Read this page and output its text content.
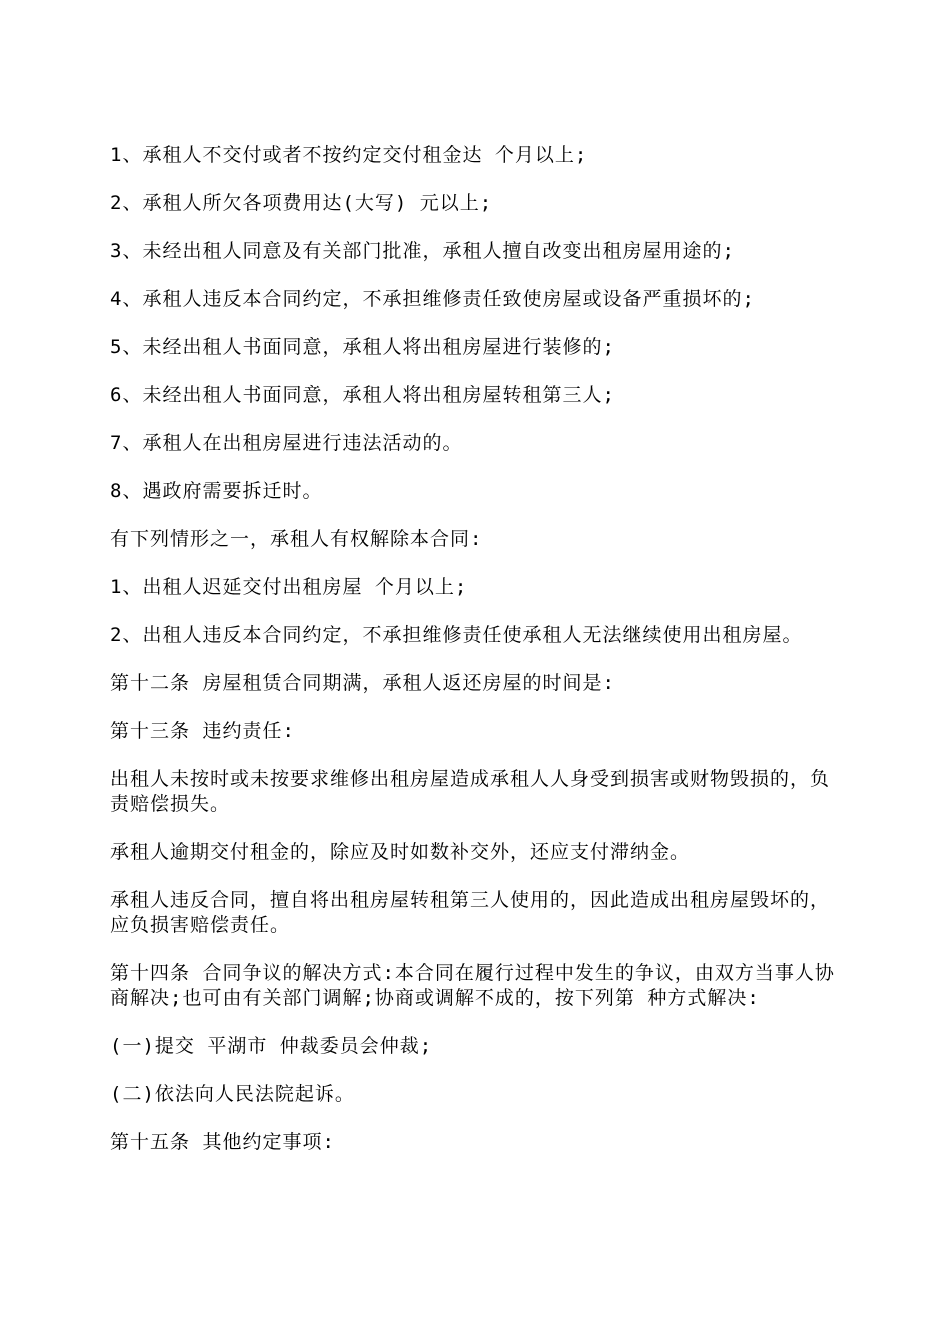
1、承租人不交付或者不按约定交付租金达 个月以上;

2、承租人所欠各项费用达(大写) 元以上;

3、未经出租人同意及有关部门批准，承租人擅自改变出租房屋用途的;

4、承租人违反本合同约定，不承担维修责任致使房屋或设备严重损坏的;

5、未经出租人书面同意，承租人将出租房屋进行装修的;

6、未经出租人书面同意，承租人将出租房屋转租第三人;

7、承租人在出租房屋进行违法活动的。

8、遇政府需要拆迁时。

有下列情形之一，承租人有权解除本合同:

1、出租人迟延交付出租房屋 个月以上;

2、出租人违反本合同约定，不承担维修责任使承租人无法继续使用出租房屋。

第十二条 房屋租赁合同期满，承租人返还房屋的时间是:

第十三条 违约责任:

出租人未按时或未按要求维修出租房屋造成承租人人身受到损害或财物毁损的，负责赔偿损失。

承租人逾期交付租金的，除应及时如数补交外，还应支付滞纳金。

承租人违反合同，擅自将出租房屋转租第三人使用的，因此造成出租房屋毁坏的，应负损害赔偿责任。

第十四条 合同争议的解决方式:本合同在履行过程中发生的争议，由双方当事人协商解决;也可由有关部门调解;协商或调解不成的，按下列第 种方式解决:

(一)提交 平湖市 仲裁委员会仲裁;

(二)依法向人民法院起诉。

第十五条 其他约定事项:
